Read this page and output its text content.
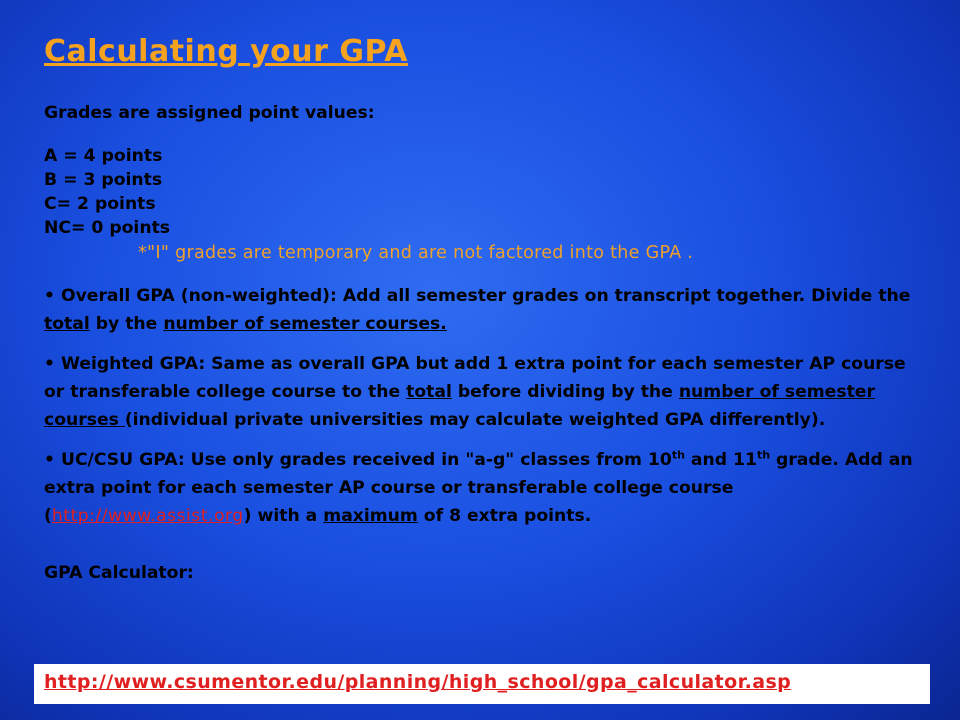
Calculating your GPA

Grades are assigned point values:

A = 4 points
B = 3 points
C= 2 points
NC= 0 points

*"I" grades are temporary and are not factored into the GPA .

• Overall GPA (non-weighted): Add all semester grades on transcript together. Divide the total by the number of semester courses.

• Weighted GPA: Same as overall GPA but add 1 extra point for each semester AP course or transferable college course to the total before dividing by the number of semester courses (individual private universities may calculate weighted GPA differently).

• UC/CSU GPA: Use only grades received in "a-g" classes from 10th and 11th grade. Add an extra point for each semester AP course or transferable college course (http://www.assist.org) with a maximum of 8 extra points.

GPA Calculator:

http://www.csumentor.edu/planning/high_school/gpa_calculator.asp
